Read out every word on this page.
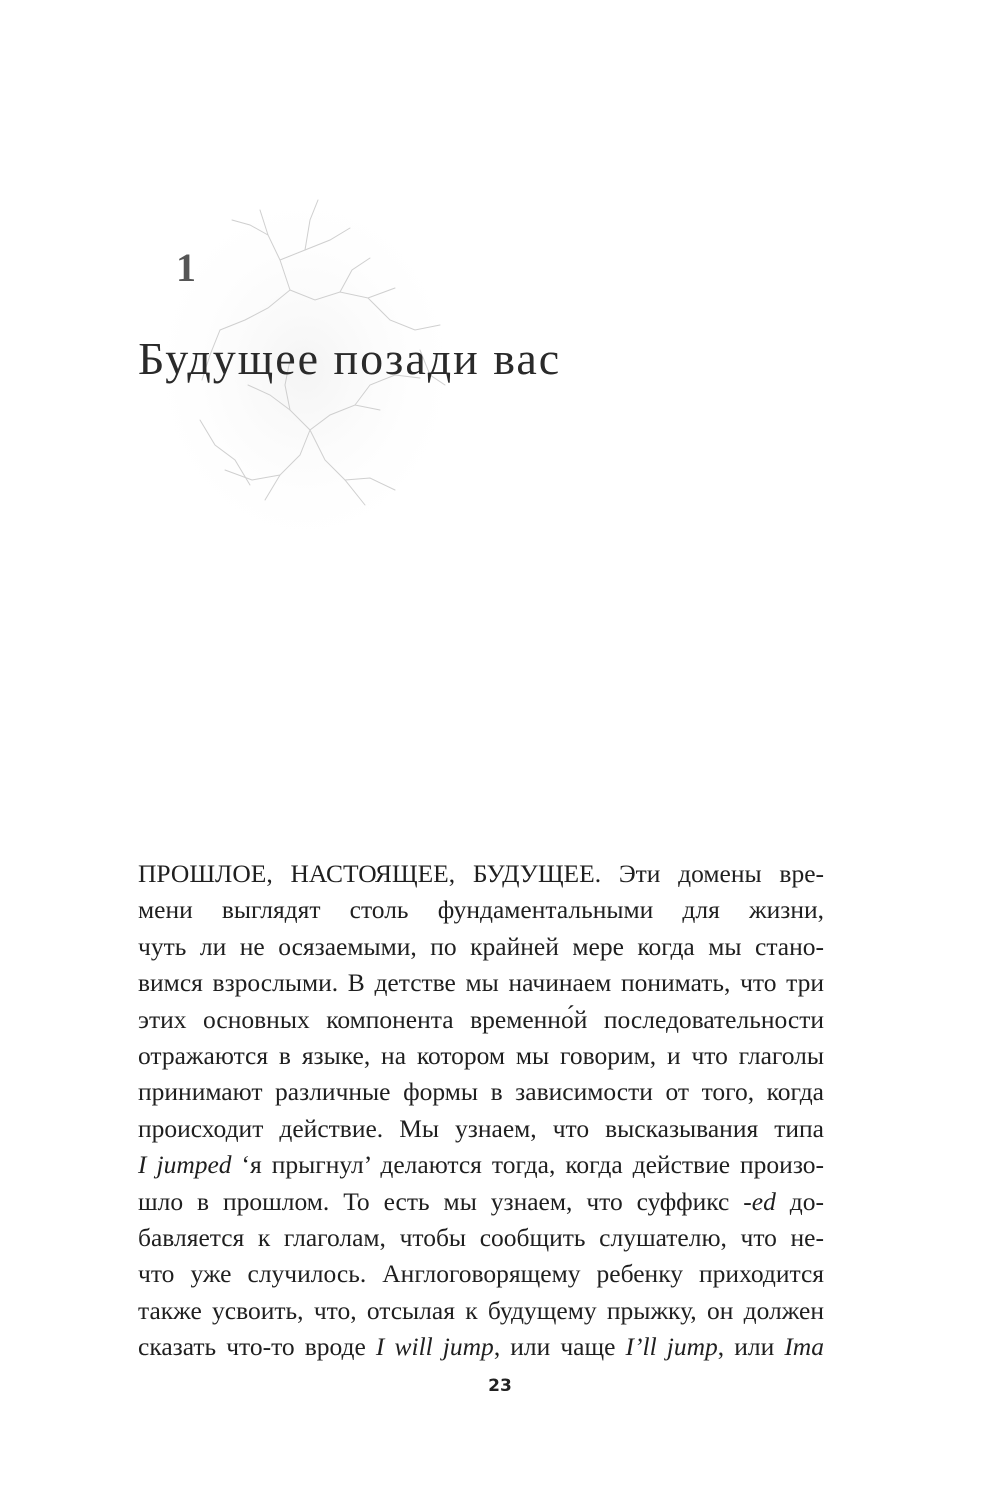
1
Будущее позади вас
ПРОШЛОЕ, НАСТОЯЩЕЕ, БУДУЩЕЕ. Эти домены вре-
мени выглядят столь фундаментальными для жизни,
чуть ли не осязаемыми, по крайней мере когда мы стано-
вимся взрослыми. В детстве мы начинаем понимать, что три
этих основных компонента временно́й последовательности
отражаются в языке, на котором мы говорим, и что глаголы
принимают различные формы в зависимости от того, когда
происходит действие. Мы узнаем, что высказывания типа
I jumped ‘я прыгнул’ делаются тогда, когда действие произо-
шло в прошлом. То есть мы узнаем, что суффикс -ed до-
бавляется к глаголам, чтобы сообщить слушателю, что не-
что уже случилось. Англоговорящему ребенку приходится
также усвоить, что, отсылая к будущему прыжку, он должен
сказать что-то вроде I will jump, или чаще I’ll jump, или Ima
23
